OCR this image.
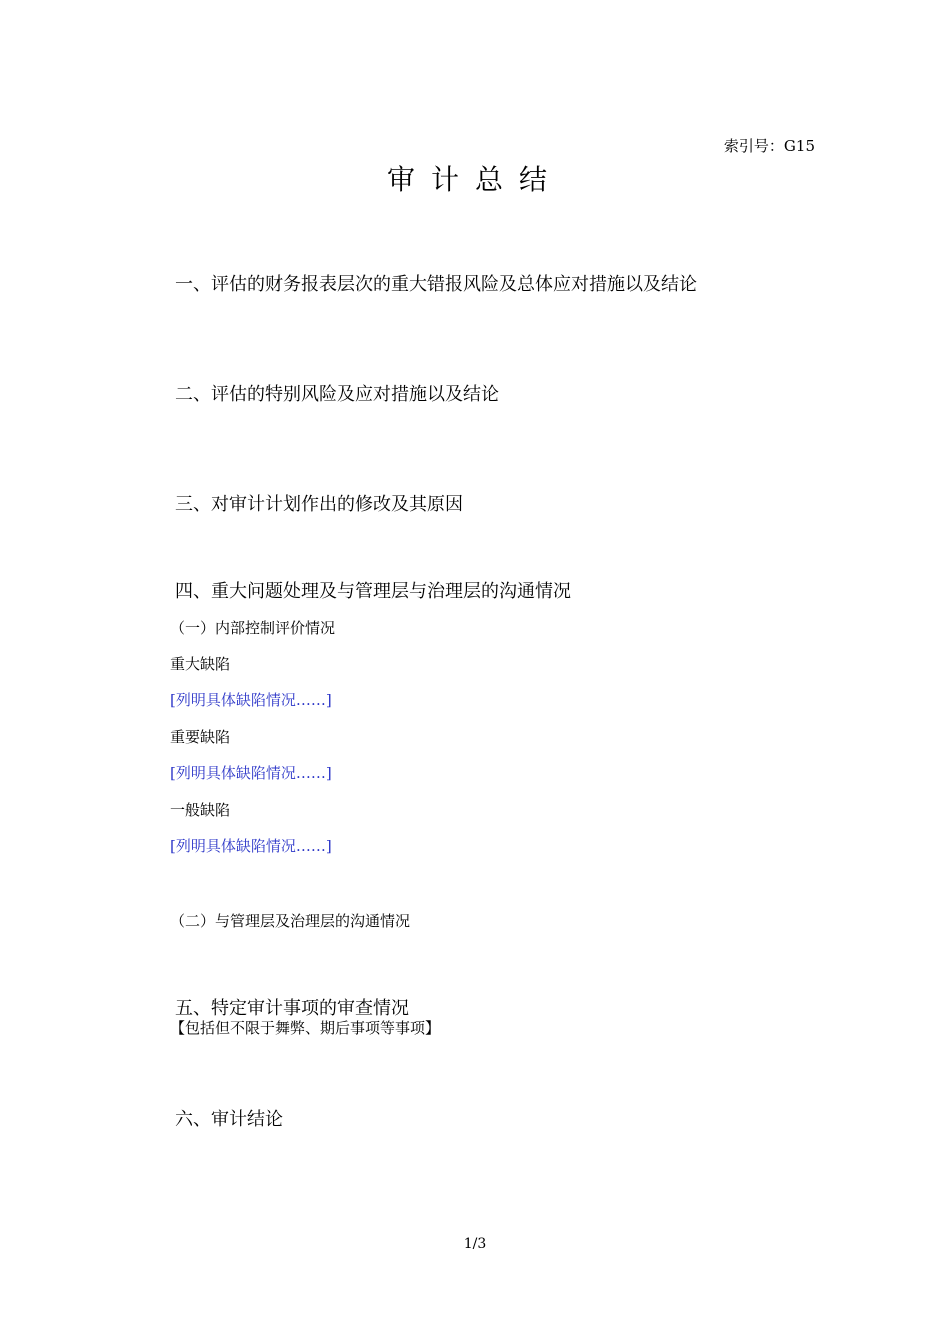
索引号：G15
审计总结
一、评估的财务报表层次的重大错报风险及总体应对措施以及结论
二、评估的特别风险及应对措施以及结论
三、对审计计划作出的修改及其原因
四、重大问题处理及与管理层与治理层的沟通情况
（一）内部控制评价情况
重大缺陷
[列明具体缺陷情况……]
重要缺陷
[列明具体缺陷情况……]
一般缺陷
[列明具体缺陷情况……]
（二）与管理层及治理层的沟通情况
五、特定审计事项的审查情况
【包括但不限于舞弊、期后事项等事项】
六、审计结论
1/3
